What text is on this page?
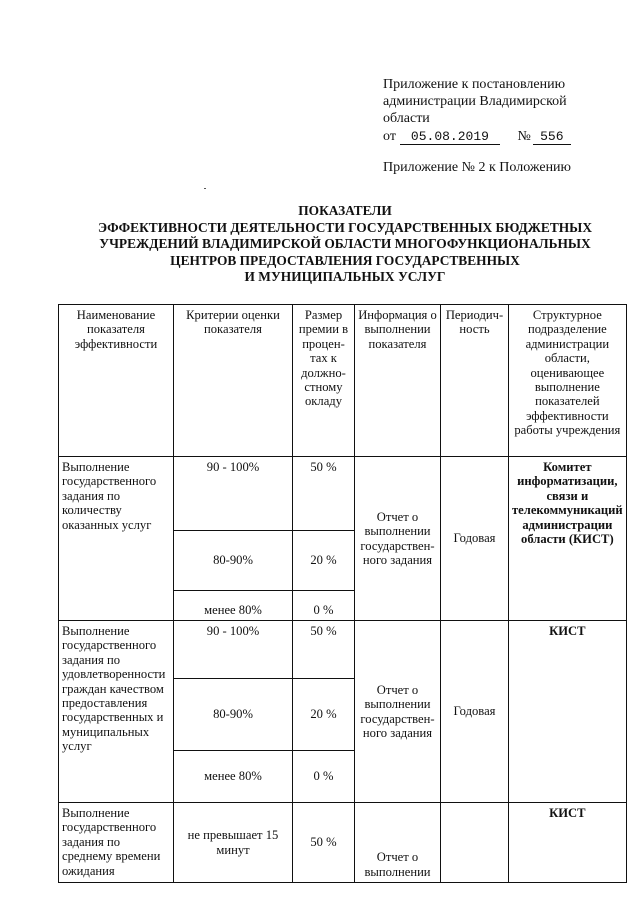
Приложение к постановлению
администрации Владимирской
области
от 05.08.2019 № 556
Приложение № 2 к Положению
ПОКАЗАТЕЛИ
ЭФФЕКТИВНОСТИ ДЕЯТЕЛЬНОСТИ ГОСУДАРСТВЕННЫХ БЮДЖЕТНЫХ
УЧРЕЖДЕНИЙ ВЛАДИМИРСКОЙ ОБЛАСТИ МНОГОФУНКЦИОНАЛЬНЫХ
ЦЕНТРОВ ПРЕДОСТАВЛЕНИЯ ГОСУДАРСТВЕННЫХ
И МУНИЦИПАЛЬНЫХ УСЛУГ
Наименование показателя эффективности	Критерии оценки показателя	Размер премии в процен-тах к должно-стному окладу	Информация о выполнении показателя	Периодич-ность	Структурное подразделение администрации области, оценивающее выполнение показателей эффективности работы учреждения
Выполнение государственного задания по количеству оказанных услуг	90 - 100%	50 %	Отчет о выполнении государствен-ного задания	Годовая	Комитет информатизации, связи и телекоммуникаций администрации области (КИСТ)
	80-90%	20 %			
	менее 80%	0 %			
Выполнение государственного задания по удовлетворенности граждан качеством предоставления государственных и муниципальных услуг	90 - 100%	50 %	Отчет о выполнении государствен-ного задания	Годовая	КИСТ
	80-90%	20 %			
	менее 80%	0 %			
Выполнение государственного задания по среднему времени ожидания	не превышает 15 минут	50 %	Отчет о выполнении		КИСТ
